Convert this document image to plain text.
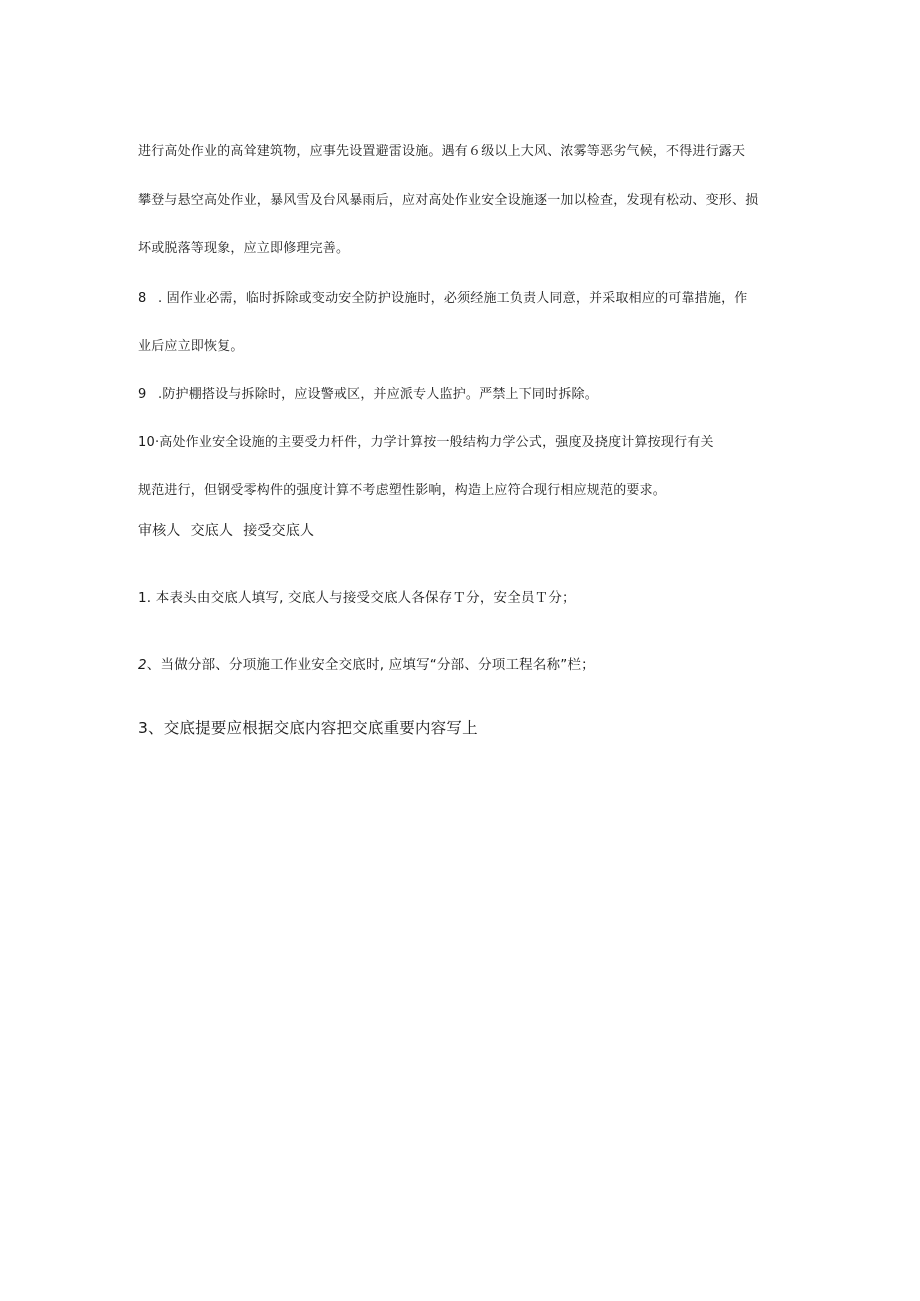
进行高处作业的高耸建筑物，应事先设置避雷设施。遇有６级以上大风、浓雾等恶劣气候，不得进行露天
攀登与悬空高处作业，暴风雪及台风暴雨后，应对高处作业安全设施逐一加以检查，发现有松动、变形、损
坏或脱落等现象，应立即修理完善。
8 . 固作业必需，临时拆除或变动安全防护设施时，必须经施工负责人同意，并采取相应的可靠措施，作
业后应立即恢复。
9 .防护棚搭设与拆除时，应设警戒区，并应派专人监护。严禁上下同时拆除。
10·高处作业安全设施的主要受力杆件，力学计算按一般结构力学公式，强度及挠度计算按现行有关
规范进行，但钢受零构件的强度计算不考虑塑性影响，构造上应符合现行相应规范的要求。
审核人 交底人 接受交底人
1. 本表头由交底人填写, 交底人与接受交底人各保存Ｔ分，安全员Ｔ分；
2、当做分部、分项施工作业安全交底时, 应填写“分部、分项工程名称”栏；
3、交底提要应根据交底内容把交底重要内容写上
